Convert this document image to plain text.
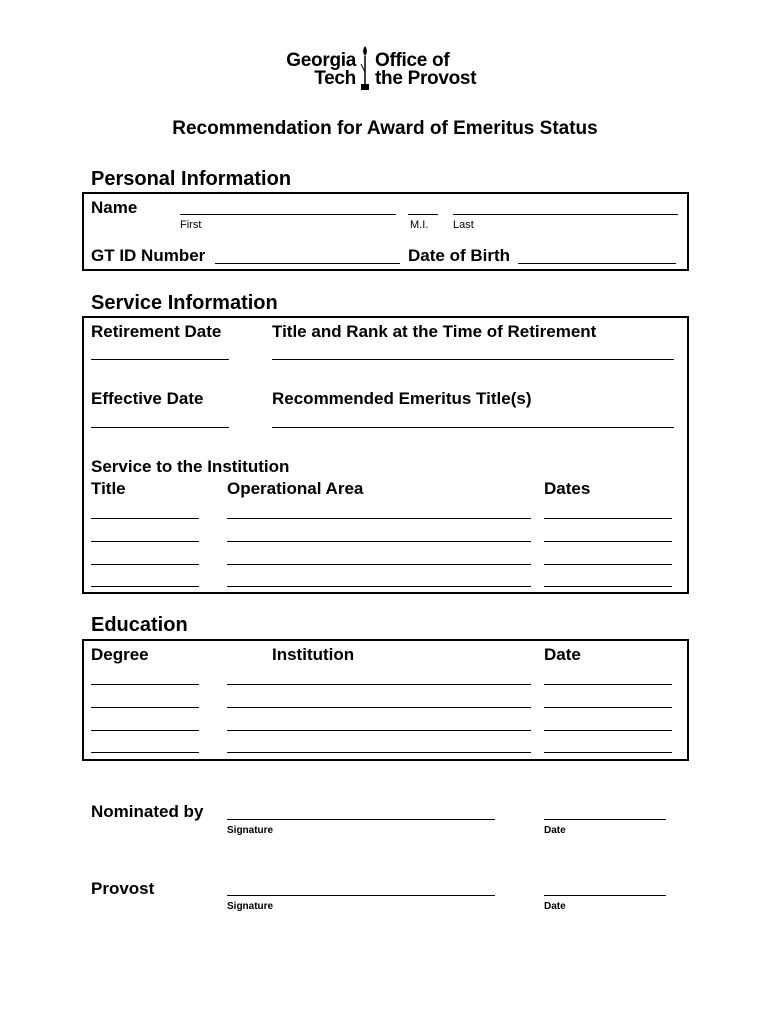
Georgia
Tech
Office of
the Provost
Recommendation for Award of Emeritus Status
Personal Information
Name
First	M.I. Last
GT ID Number	Date of Birth
Service Information
Retirement Date	Title and Rank at the Time of Retirement
Effective Date	Recommended Emeritus Title(s)
Service to the Institution
Title	Operational Area	Dates
Education
Degree	Institution	Date
Nominated by
Signature	Date
Provost
Signature	Date
